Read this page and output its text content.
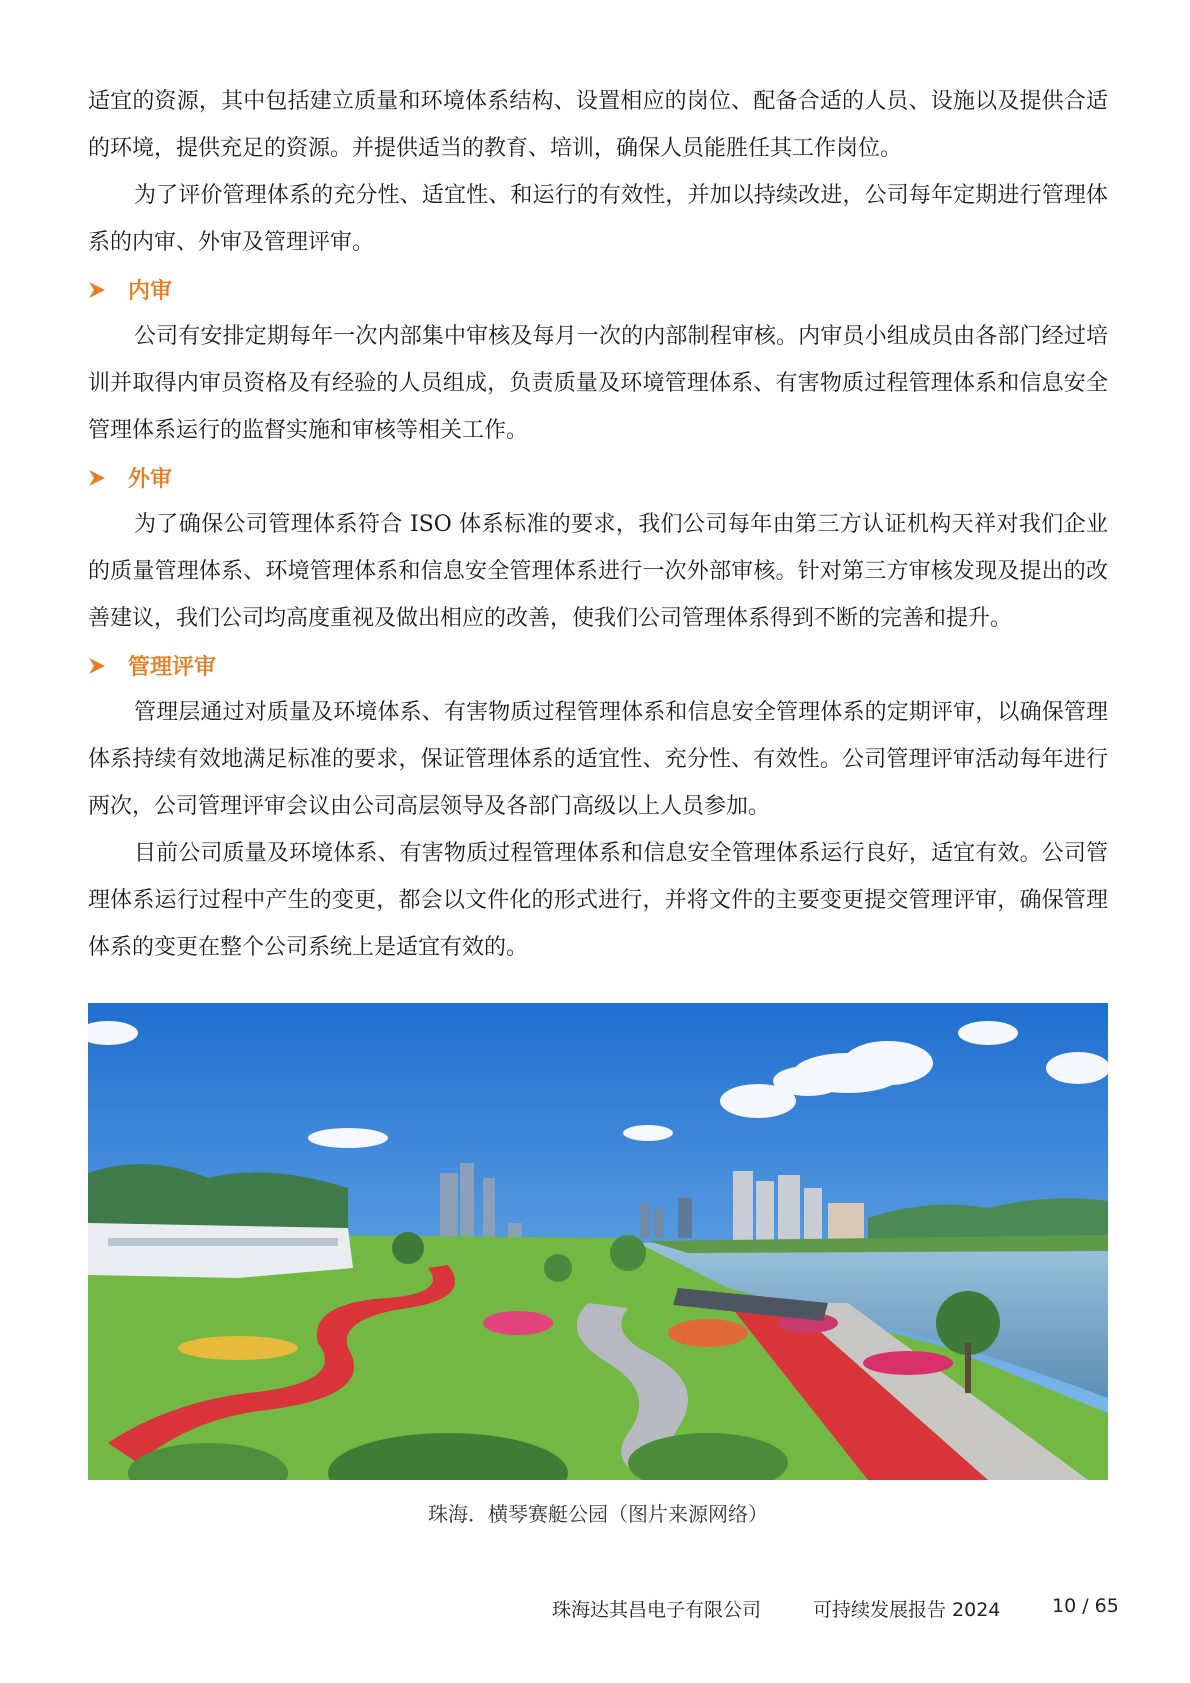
适宜的资源，其中包括建立质量和环境体系结构、设置相应的岗位、配备合适的人员、设施以及提供合适的环境，提供充足的资源。并提供适当的教育、培训，确保人员能胜任其工作岗位。

为了评价管理体系的充分性、适宜性、和运行的有效性，并加以持续改进，公司每年定期进行管理体系的内审、外审及管理评审。

内审

公司有安排定期每年一次内部集中审核及每月一次的内部制程审核。内审员小组成员由各部门经过培训并取得内审员资格及有经验的人员组成，负责质量及环境管理体系、有害物质过程管理体系和信息安全管理体系运行的监督实施和审核等相关工作。

外审

为了确保公司管理体系符合 ISO 体系标准的要求，我们公司每年由第三方认证机构天祥对我们企业的质量管理体系、环境管理体系和信息安全管理体系进行一次外部审核。针对第三方审核发现及提出的改善建议，我们公司均高度重视及做出相应的改善，使我们公司管理体系得到不断的完善和提升。

管理评审

管理层通过对质量及环境体系、有害物质过程管理体系和信息安全管理体系的定期评审，以确保管理体系持续有效地满足标准的要求，保证管理体系的适宜性、充分性、有效性。公司管理评审活动每年进行两次，公司管理评审会议由公司高层领导及各部门高级以上人员参加。

目前公司质量及环境体系、有害物质过程管理体系和信息安全管理体系运行良好，适宜有效。公司管理体系运行过程中产生的变更，都会以文件化的形式进行，并将文件的主要变更提交管理评审，确保管理体系的变更在整个公司系统上是适宜有效的。

珠海．横琴赛艇公园（图片来源网络）
珠海达其昌电子有限公司	可持续发展报告 2024	10 / 65
